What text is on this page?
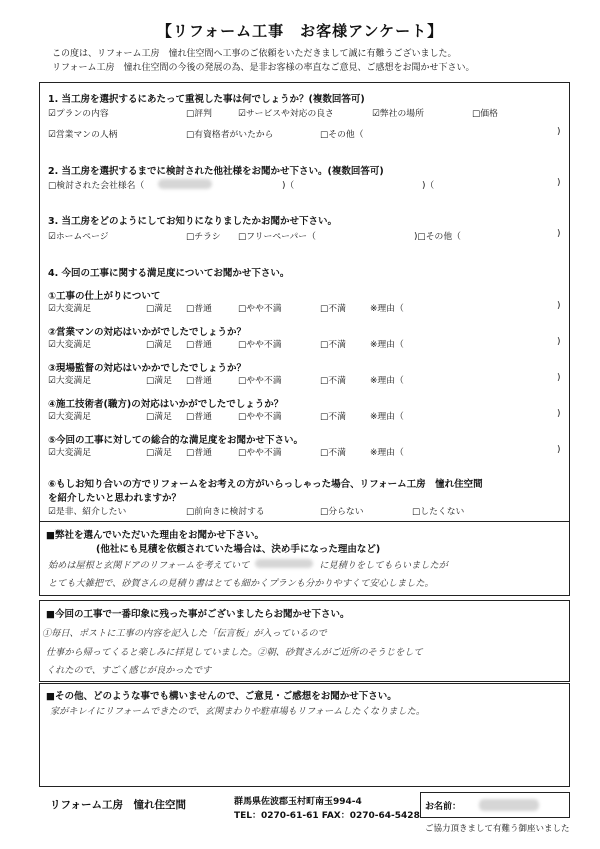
【リフォーム工事　お客様アンケート】
この度は、リフォーム工房　憧れ住空間へ工事のご依頼をいただきまして誠に有難うございました。
リフォーム工房　憧れ住空間の今後の発展の為、是非お客様の率直なご意見、ご感想をお聞かせ下さい。
1. 当工房を選択するにあたって重視した事は何でしょうか？(複数回答可)
☑プランの内容	□評判	☑サービスや対応の良さ	☑弊社の場所	□価格
☑営業マンの人柄	□有資格者がいたから	□その他（	)
2. 当工房を選択するまでに検討された他社様をお聞かせ下さい。(複数回答可)
□検討された会社様名（	)（	)（	)
3. 当工房をどのようにしてお知りになりましたかお聞かせ下さい。
☑ホームページ	□チラシ □フリーペーパー（	)□その他（	)
4. 今回の工事に関する満足度についてお聞かせ下さい。
①工事の仕上がりについて
☑大変満足	□満足 □普通	□やや不満	□不満	※理由（	)
②営業マンの対応はいかがでしたでしょうか？
☑大変満足	□満足 □普通	□やや不満	□不満	※理由（	)
③現場監督の対応はいかかでしたでしょうか？
☑大変満足	□満足 □普通	□やや不満	□不満	※理由（	)
④施工技術者(職方)の対応はいかがでしたでしょうか？
☑大変満足	□満足 □普通	□やや不満	□不満	※理由（	)
⑤今回の工事に対しての総合的な満足度をお聞かせ下さい。
☑大変満足	□満足 □普通	□やや不満	□不満	※理由（	)
⑥もしお知り合いの方でリフォームをお考えの方がいらっしゃった場合、リフォーム工房　憧れ住空間
を紹介したいと思われますか？
☑是非、紹介したい	□前向きに検討する	□分らない	□したくない
■弊社を選んでいただいた理由をお聞かせ下さい。
(他社にも見積を依頼されていた場合は、決め手になった理由など)
始めは屋根と玄関ドアのリフォームを考えていて	に見積りをしてもらいましたが
とても大雑把で、砂賀さんの見積り書はとても細かくプランも分かりやすくて安心しました。
■今回の工事で一番印象に残った事がございましたらお聞かせ下さい。
①毎日、ポストに工事の内容を記入した「伝言板」が入っているので
仕事から帰ってくると楽しみに拝見していました。②朝、砂賀さんがご近所のそうじをして
くれたので、すごく感じが良かったです
■その他、どのような事でも構いませんので、ご意見・ご感想をお聞かせ下さい。
家がキレイにリフォームできたので、玄関まわりや駐車場もリフォームしたくなりました。
リフォーム工房　憧れ住空間	群馬県佐波郡玉村町南玉994-4
TEL：0270-61-61 FAX：0270-64-5428
お名前：
ご協力頂きまして有難う御座いました
